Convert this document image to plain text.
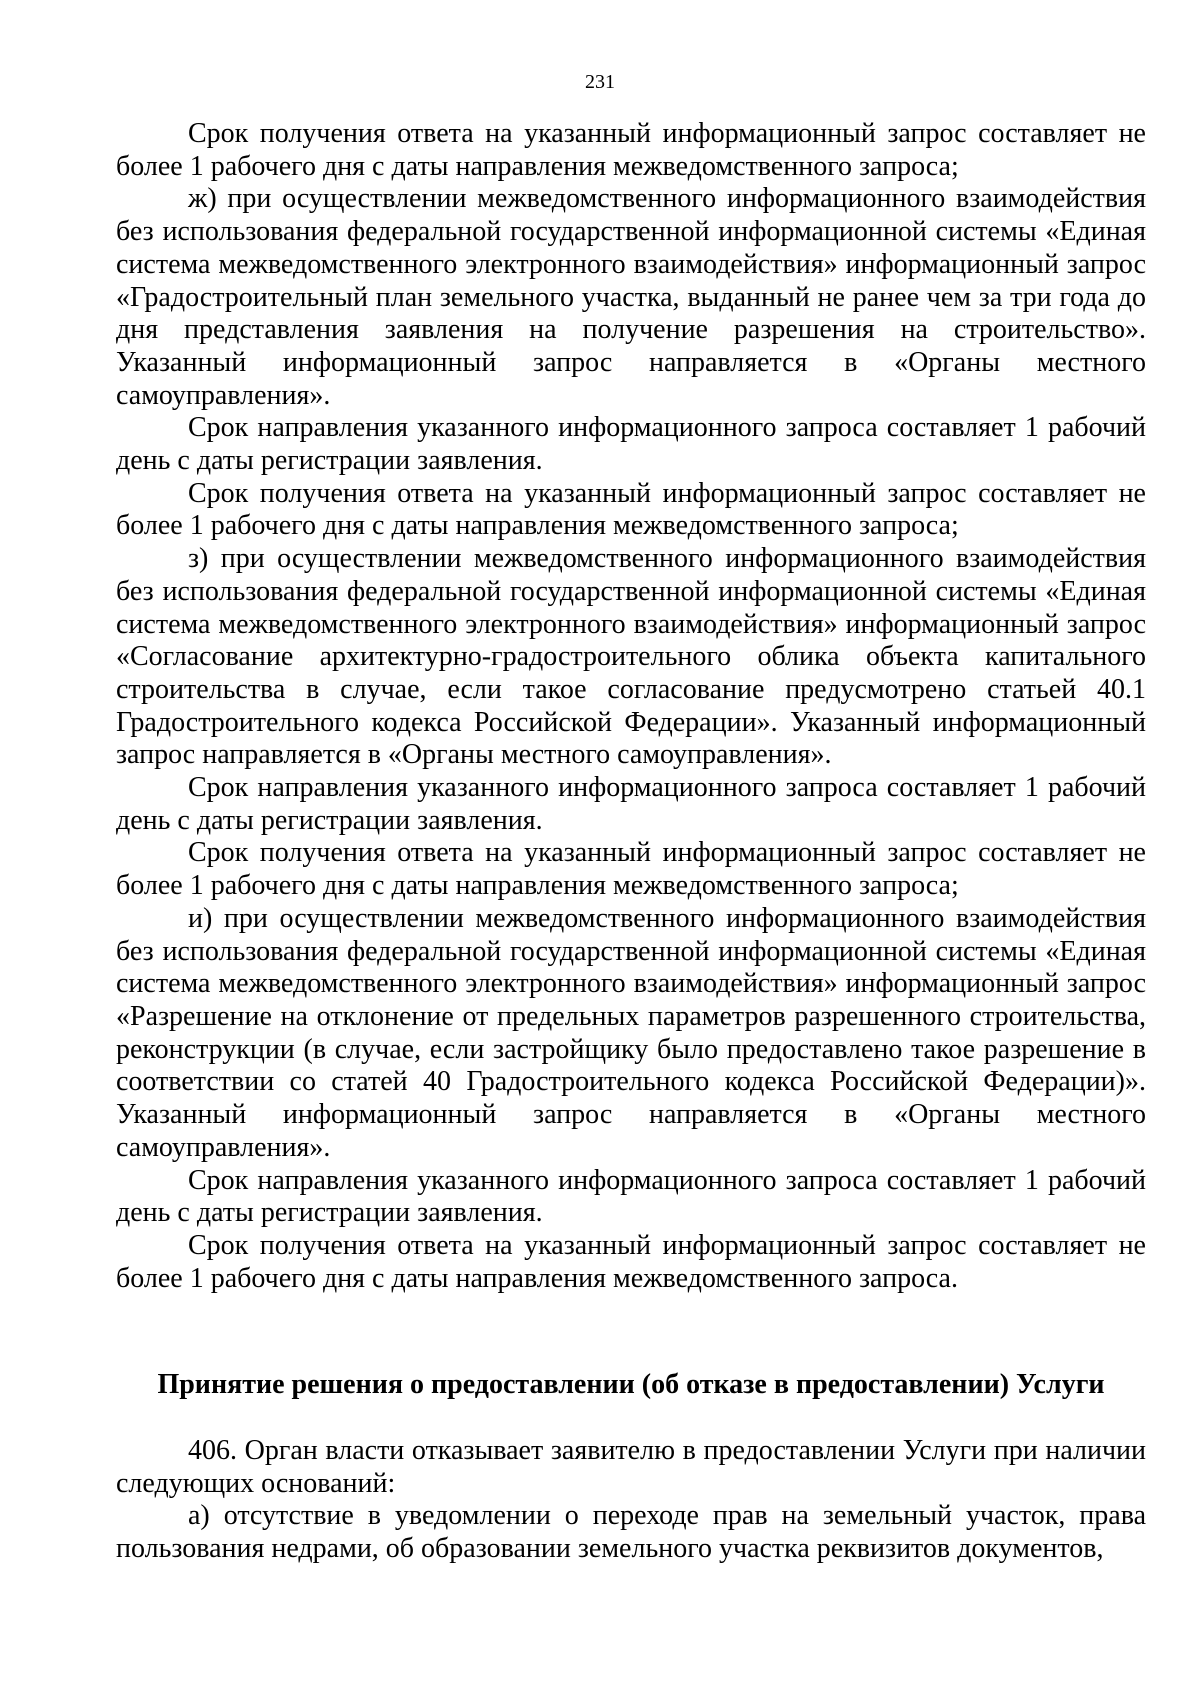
231

Срок получения ответа на указанный информационный запрос составляет не более 1 рабочего дня с даты направления межведомственного запроса;

ж) при осуществлении межведомственного информационного взаимодействия без использования федеральной государственной информационной системы «Единая система межведомственного электронного взаимодействия» информационный запрос «Градостроительный план земельного участка, выданный не ранее чем за три года до дня представления заявления на получение разрешения на строительство». Указанный информационный запрос направляется в «Органы местного самоуправления».

Срок направления указанного информационного запроса составляет 1 рабочий день с даты регистрации заявления.

Срок получения ответа на указанный информационный запрос составляет не более 1 рабочего дня с даты направления межведомственного запроса;

з) при осуществлении межведомственного информационного взаимодействия без использования федеральной государственной информационной системы «Единая система межведомственного электронного взаимодействия» информационный запрос «Согласование архитектурно-градостроительного облика объекта капитального строительства в случае, если такое согласование предусмотрено статьей 40.1 Градостроительного кодекса Российской Федерации». Указанный информационный запрос направляется в «Органы местного самоуправления».

Срок направления указанного информационного запроса составляет 1 рабочий день с даты регистрации заявления.

Срок получения ответа на указанный информационный запрос составляет не более 1 рабочего дня с даты направления межведомственного запроса;

и) при осуществлении межведомственного информационного взаимодействия без использования федеральной государственной информационной системы «Единая система межведомственного электронного взаимодействия» информационный запрос «Разрешение на отклонение от предельных параметров разрешенного строительства, реконструкции (в случае, если застройщику было предоставлено такое разрешение в соответствии со статей 40 Градостроительного кодекса Российской Федерации)». Указанный информационный запрос направляется в «Органы местного самоуправления».

Срок направления указанного информационного запроса составляет 1 рабочий день с даты регистрации заявления.

Срок получения ответа на указанный информационный запрос составляет не более 1 рабочего дня с даты направления межведомственного запроса.

Принятие решения о предоставлении (об отказе в предоставлении) Услуги

406. Орган власти отказывает заявителю в предоставлении Услуги при наличии следующих оснований:

а) отсутствие в уведомлении о переходе прав на земельный участок, права пользования недрами, об образовании земельного участка реквизитов документов,
